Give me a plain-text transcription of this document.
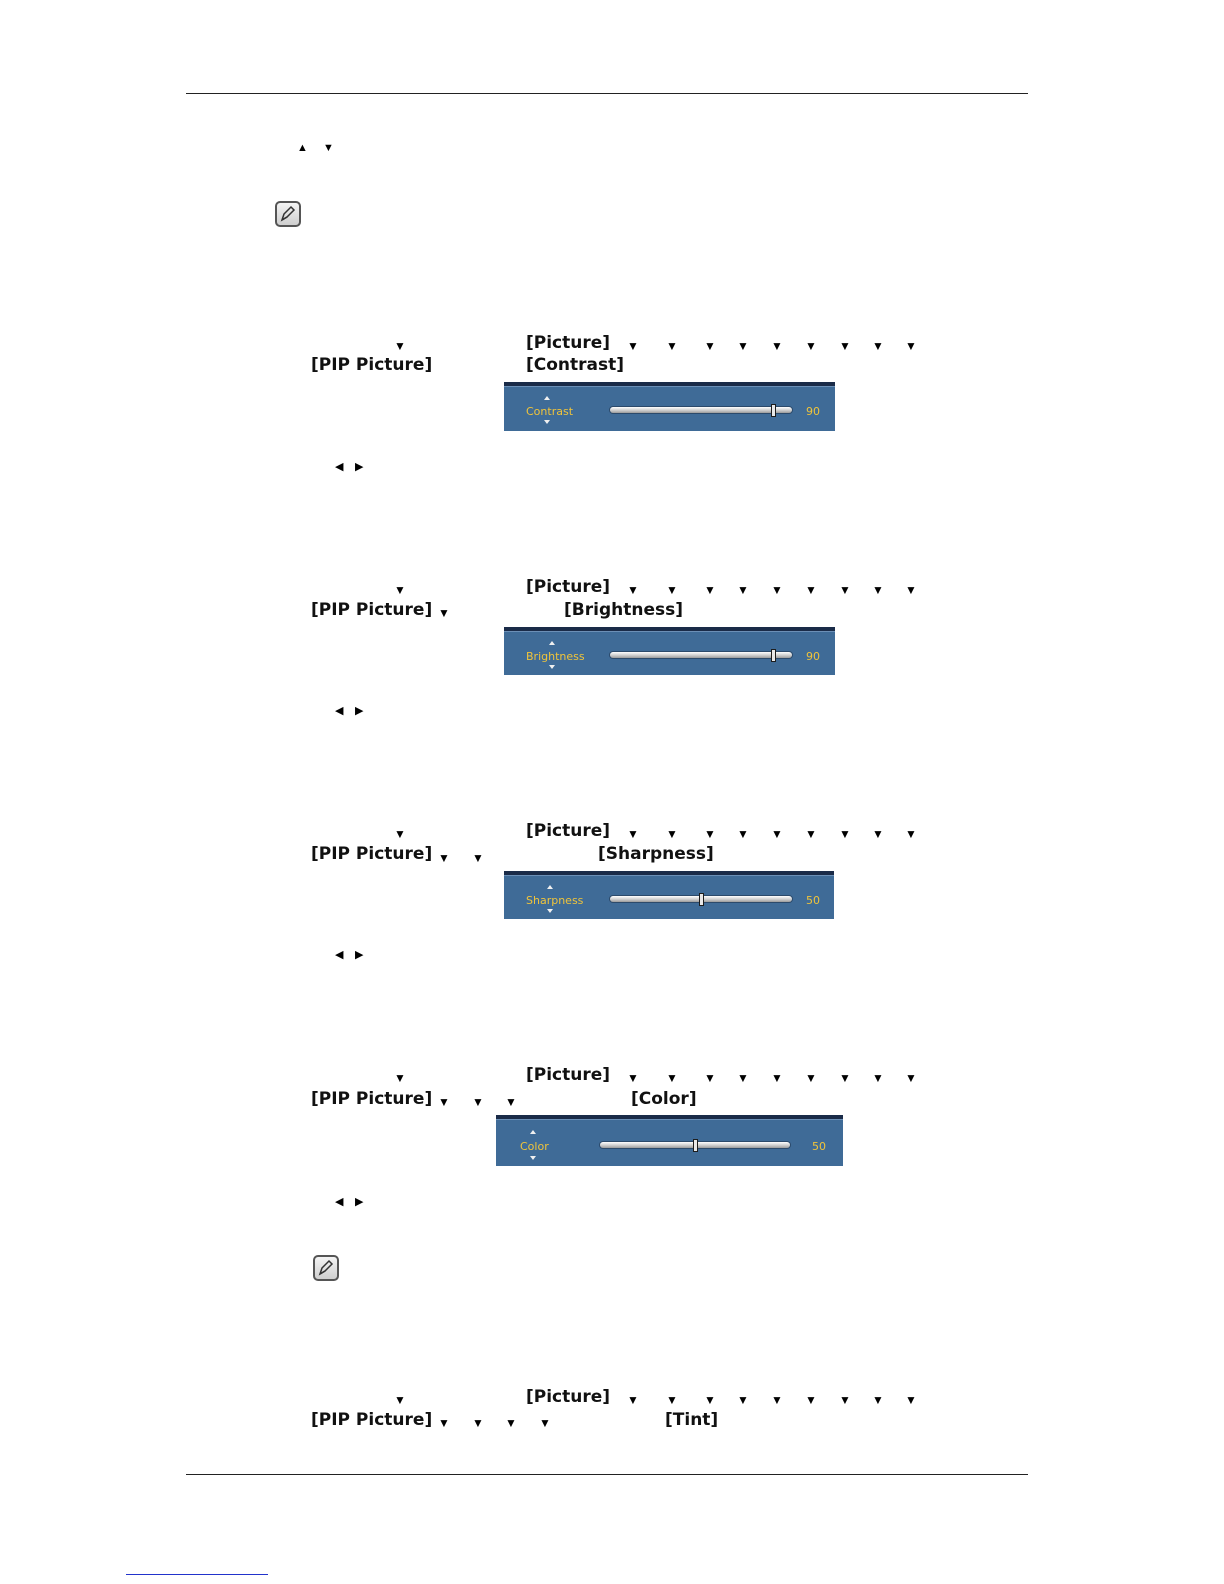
▲ ▼
▼	[Picture] ▼ ▼ ▼ ▼ ▼ ▼ ▼ ▼ ▼
[PIP Picture]	[Contrast]
Contrast	90
◀ ▶
▼	[Picture] ▼ ▼ ▼ ▼ ▼ ▼ ▼ ▼ ▼
[PIP Picture] ▼	[Brightness]
Brightness	90
◀ ▶
▼	[Picture] ▼ ▼ ▼ ▼ ▼ ▼ ▼ ▼ ▼
[PIP Picture] ▼ ▼	[Sharpness]
Sharpness	50
◀ ▶
▼	[Picture] ▼ ▼ ▼ ▼ ▼ ▼ ▼ ▼ ▼
[PIP Picture] ▼ ▼ ▼	[Color]
Color	50
◀ ▶
▼	[Picture] ▼ ▼ ▼ ▼ ▼ ▼ ▼ ▼ ▼
[PIP Picture] ▼ ▼ ▼ ▼	[Tint]
